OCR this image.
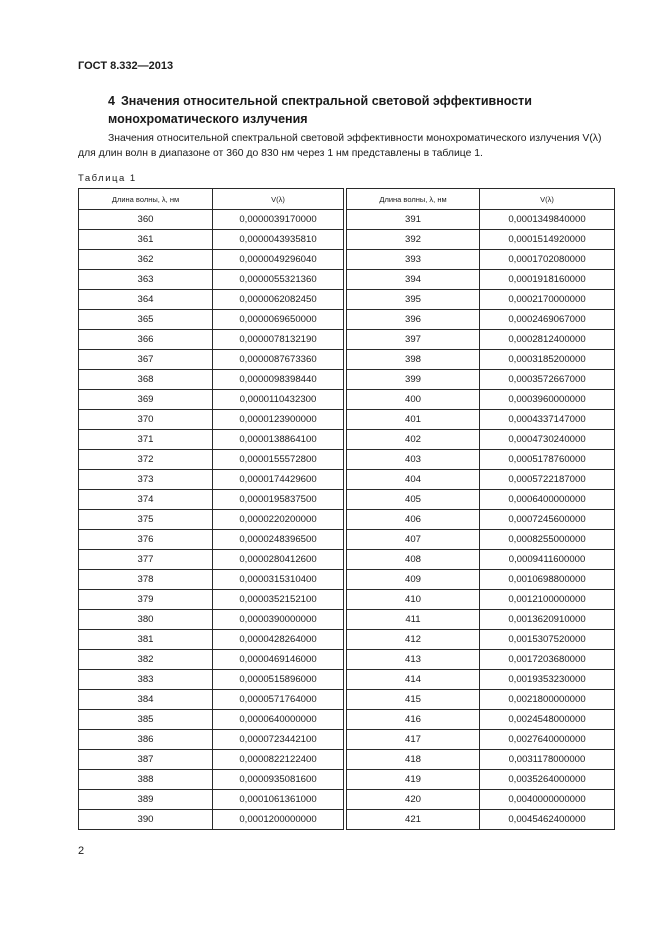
ГОСТ 8.332—2013
4 Значения относительной спектральной световой эффективности монохроматического излучения
Значения относительной спектральной световой эффективности монохроматического излучения V(λ) для длин волн в диапазоне от 360 до 830 нм через 1 нм представлены в таблице 1.
Таблица 1
Длина волны, λ, нм	V(λ)		Длина волны, λ, нм	V(λ)
360	0,0000039170000		391	0,0001349840000
361	0,0000043935810		392	0,0001514920000
362	0,0000049296040		393	0,0001702080000
363	0,0000055321360		394	0,0001918160000
364	0,0000062082450		395	0,0002170000000
365	0,0000069650000		396	0,0002469067000
366	0,0000078132190		397	0,0002812400000
367	0,0000087673360		398	0,0003185200000
368	0,0000098398440		399	0,0003572667000
369	0,0000110432300		400	0,0003960000000
370	0,0000123900000		401	0,0004337147000
371	0,0000138864100		402	0,0004730240000
372	0,0000155572800		403	0,0005178760000
373	0,0000174429600		404	0,0005722187000
374	0,0000195837500		405	0,0006400000000
375	0,0000220200000		406	0,0007245600000
376	0,0000248396500		407	0,0008255000000
377	0,0000280412600		408	0,0009411600000
378	0,0000315310400		409	0,0010698800000
379	0,0000352152100		410	0,0012100000000
380	0,0000390000000		411	0,0013620910000
381	0,0000428264000		412	0,0015307520000
382	0,0000469146000		413	0,0017203680000
383	0,0000515896000		414	0,0019353230000
384	0,0000571764000		415	0,0021800000000
385	0,0000640000000		416	0,0024548000000
386	0,0000723442100		417	0,0027640000000
387	0,0000822122400		418	0,0031178000000
388	0,0000935081600		419	0,0035264000000
389	0,0001061361000		420	0,0040000000000
390	0,0001200000000		421	0,0045462400000
2
